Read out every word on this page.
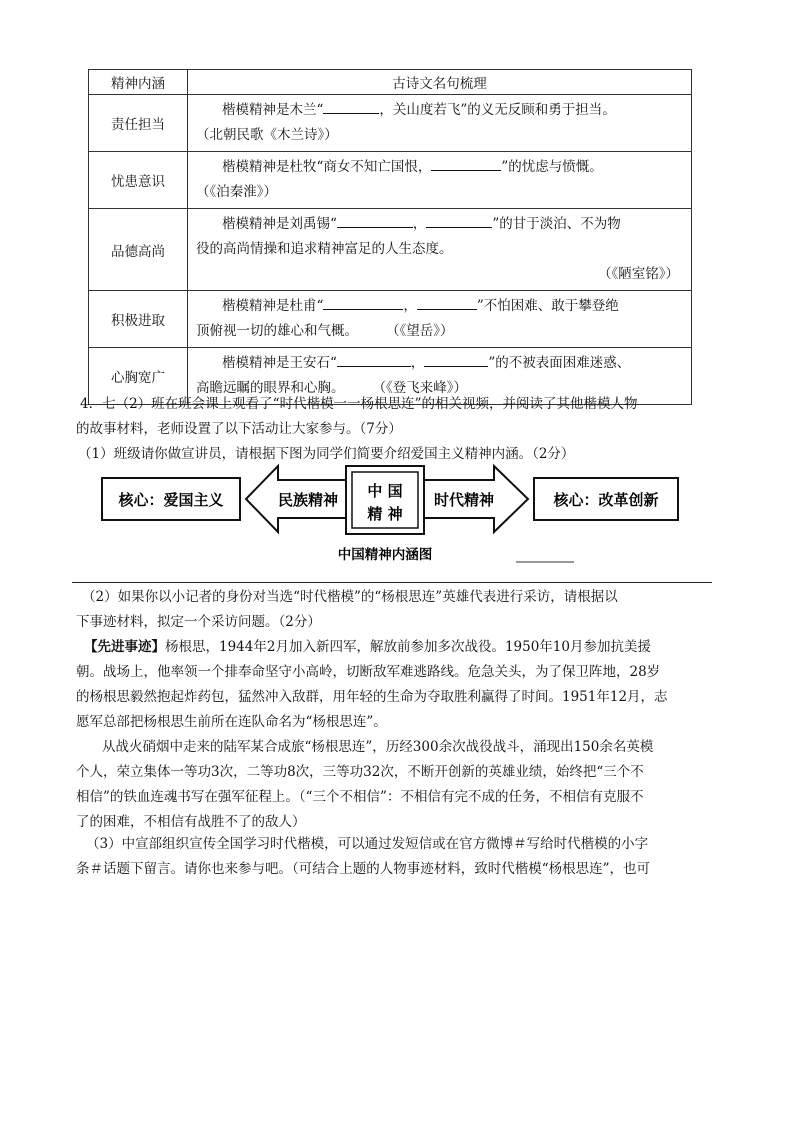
精神内涵	古诗文名句梳理
责任担当	楷模精神是木兰“ ，关山度若飞”的义无反顾和勇于担当。
（北朝民歌《木兰诗》）

忧患意识	楷模精神是杜牧“商女不知亡国恨， ”的忧虑与愤慨。
（《泊秦淮》）

品德高尚	楷模精神是刘禹锡“ ， ”的甘于淡泊、不为物
役的高尚情操和追求精神富足的人生态度。
（《陋室铭》）

积极进取	楷模精神是杜甫“ ， ”不怕困难、敢于攀登绝
顶俯视一切的雄心和气概。 （《望岳》）

心胸宽广	楷模精神是王安石“ ， ”的不被表面困难迷惑、
高瞻远瞩的眼界和心胸。 （《登飞来峰》）

4．七（2）班在班会课上观看了“时代楷模一一杨根思连”的相关视频，并阅读了其他楷模人物

的故事材料，老师设置了以下活动让大家参与。（7分）

（1）班级请你做宣讲员，请根据下图为同学们简要介绍爱国主义精神内涵。（2分）

核心：爱国主义	民族精神 中 国
精 神
时代精神	核心：改革创新
中国精神内涵图

（2）如果你以小记者的身份对当选“时代楷模”的“杨根思连”英雄代表进行采访，请根据以

下事迹材料，拟定一个采访问题。（2分）

【先进事迹】杨根思，1944年2月加入新四军，解放前参加多次战役。1950年10月参加抗美援

朝。战场上，他率领一个排奉命坚守小高岭，切断敌军难逃路线。危急关头，为了保卫阵地，28岁

的杨根思毅然抱起炸药包，猛然冲入敌群，用年轻的生命为夺取胜利赢得了时间。1951年12月，志

愿军总部把杨根思生前所在连队命名为“杨根思连”。

从战火硝烟中走来的陆军某合成旅“杨根思连”，历经300余次战役战斗，涌现出150余名英模

个人，荣立集体一等功3次，二等功8次，三等功32次，不断开创新的英雄业绩，始终把“三个不

相信”的铁血连魂书写在强军征程上。（“三个不相信”：不相信有完不成的任务，不相信有克服不

了的困难，不相信有战胜不了的敌人）

（3）中宣部组织宣传全国学习时代楷模，可以通过发短信或在官方微博＃写给时代楷模的小字

条＃话题下留言。请你也来参与吧。（可结合上题的人物事迹材料，致时代楷模“杨根思连”，也可
